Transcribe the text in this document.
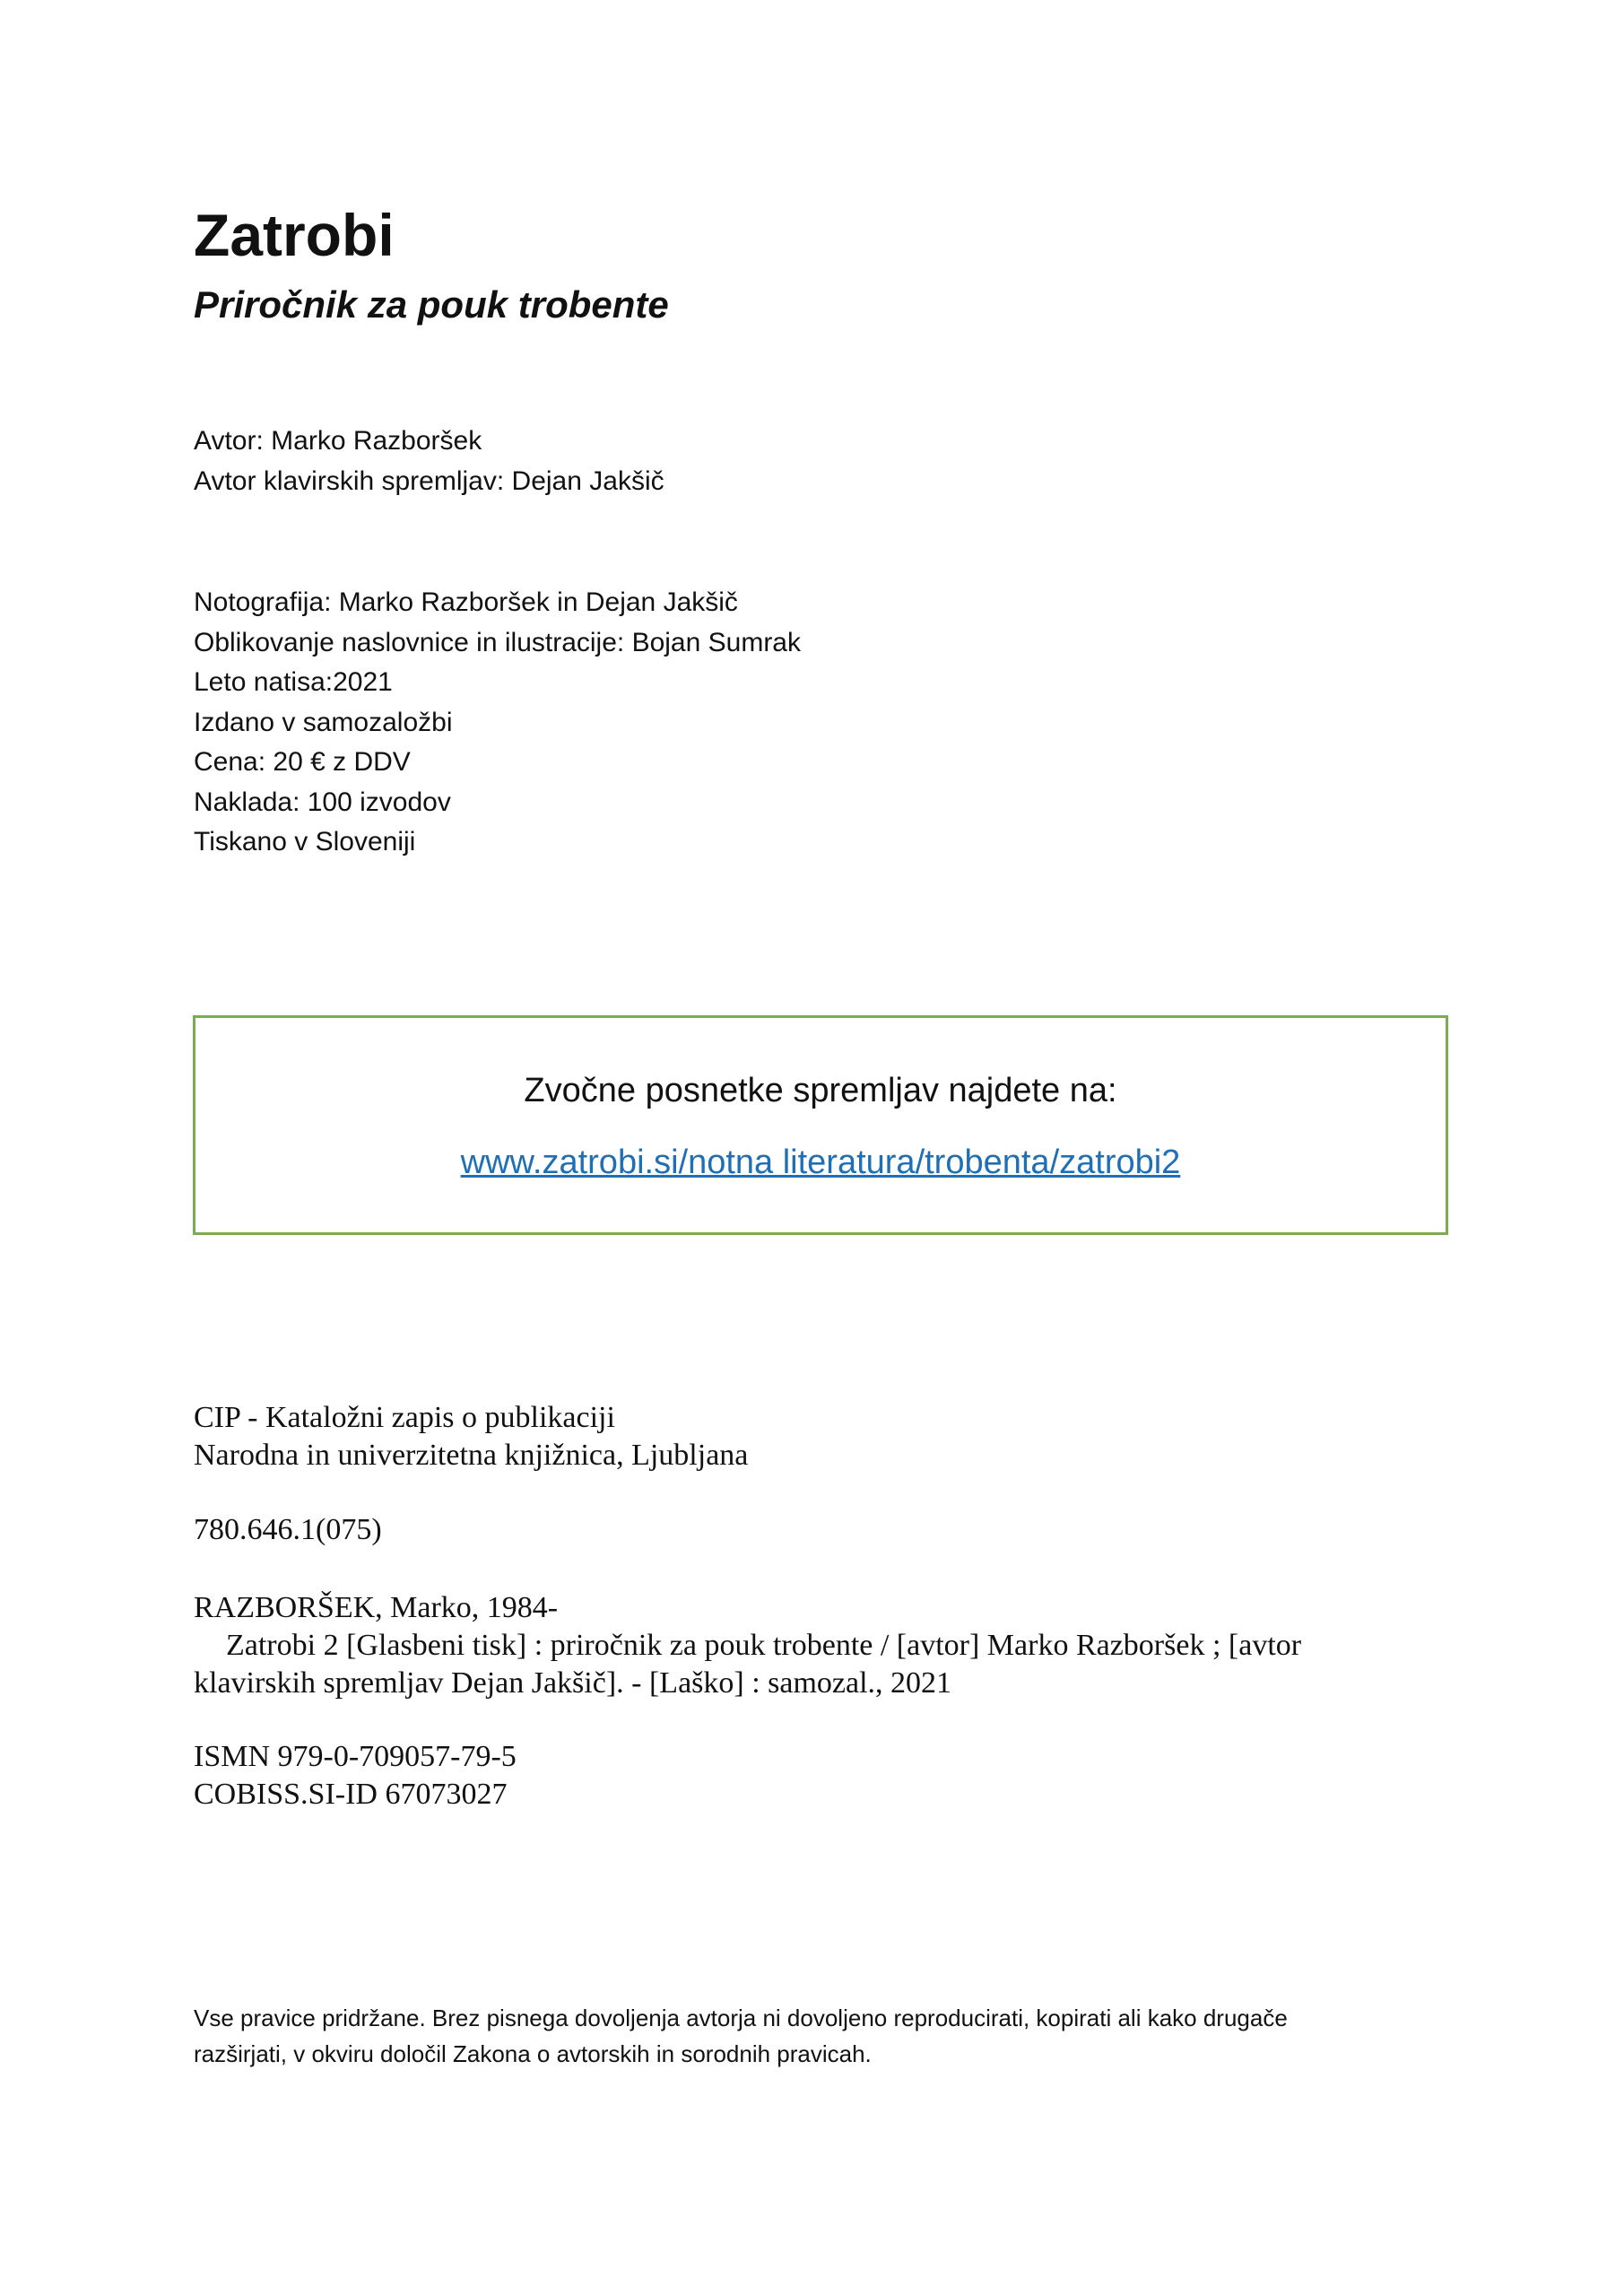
Zatrobi
Priročnik za pouk trobente
Avtor: Marko Razboršek
Avtor klavirskih spremljav: Dejan Jakšič
Notografija: Marko Razboršek in Dejan Jakšič
Oblikovanje naslovnice in ilustracije: Bojan Sumrak
Leto natisa:2021
Izdano v samozaložbi
Cena: 20 € z DDV
Naklada: 100 izvodov
Tiskano v Sloveniji
Zvočne posnetke spremljav najdete na:
www.zatrobi.si/notna literatura/trobenta/zatrobi2
CIP - Kataložni zapis o publikaciji
Narodna in univerzitetna knjižnica, Ljubljana
780.646.1(075)
RAZBORŠEK, Marko, 1984-
Zatrobi 2 [Glasbeni tisk] : priročnik za pouk trobente / [avtor] Marko Razboršek ; [avtor
klavirskih spremljav Dejan Jakšič]. - [Laško] : samozal., 2021
ISMN 979-0-709057-79-5
COBISS.SI-ID 67073027
Vse pravice pridržane. Brez pisnega dovoljenja avtorja ni dovoljeno reproducirati, kopirati ali kako drugače
razširjati, v okviru določil Zakona o avtorskih in sorodnih pravicah.
